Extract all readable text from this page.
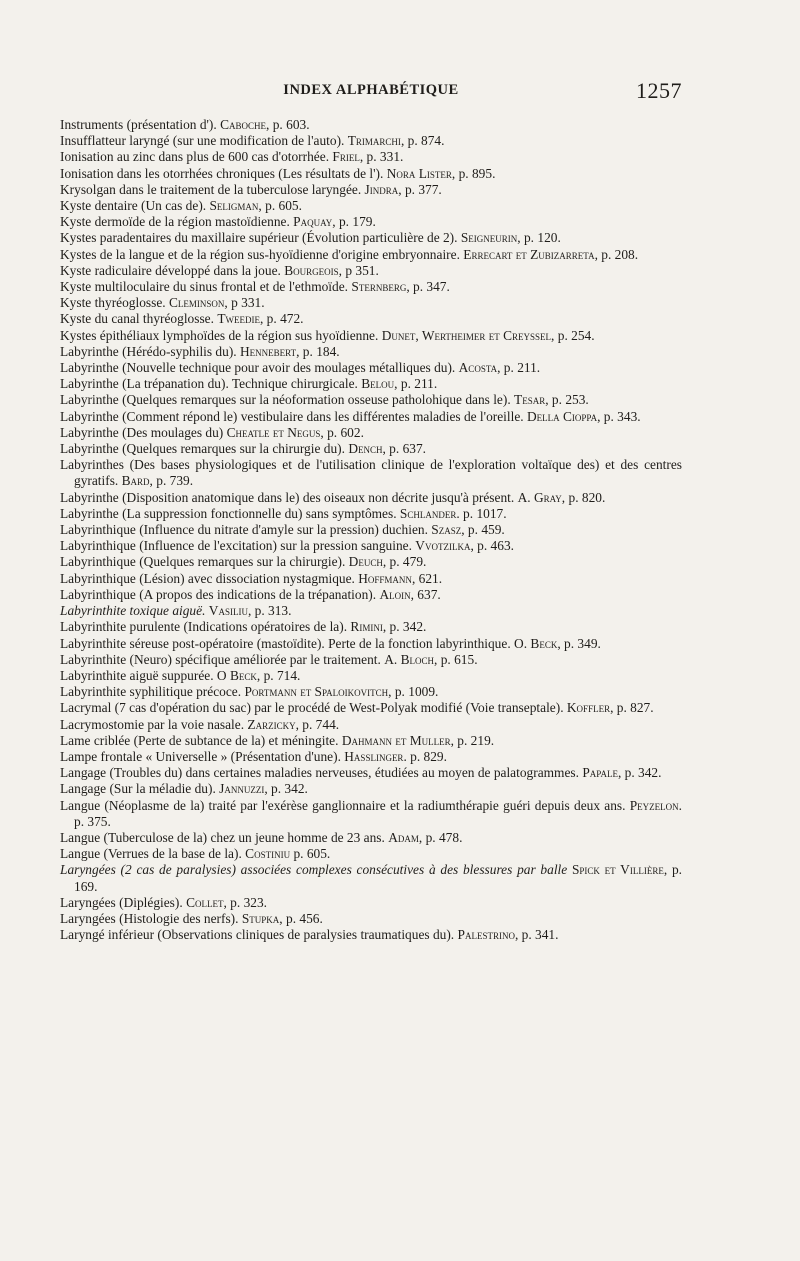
INDEX ALPHABÉTIQUE	1257
Instruments (présentation d'). Caboche, p. 603.
Insufflatteur laryngé (sur une modification de l'auto). Trimarchi, p. 874.
Ionisation au zinc dans plus de 600 cas d'otorrhée. Friel, p. 331.
Ionisation dans les otorrhées chroniques (Les résultats de l'). Nora Lister, p. 895.
Krysolgan dans le traitement de la tuberculose laryngée. Jindra, p. 377.
Kyste dentaire (Un cas de). Seligman, p. 605.
Kyste dermoïde de la région mastoïdienne. Paquay, p. 179.
Kystes paradentaires du maxillaire supérieur (Évolution particulière de 2). Seigneurin, p. 120.
Kystes de la langue et de la région sus-hyoïdienne d'origine embryonnaire. Errecart et Zubizarreta, p. 208.
Kyste radiculaire développé dans la joue. Bourgeois, p 351.
Kyste multiloculaire du sinus frontal et de l'ethmoïde. Sternberg, p. 347.
Kyste thyréoglosse. Cleminson, p 331.
Kyste du canal thyréoglosse. Tweedie, p. 472.
Kystes épithéliaux lymphoïdes de la région sus hyoïdienne. Dunet, Wertheimer et Creyssel, p. 254.
Labyrinthe (Hérédo-syphilis du). Hennebert, p. 184.
Labyrinthe (Nouvelle technique pour avoir des moulages métalliques du). Acosta, p. 211.
Labyrinthe (La trépanation du). Technique chirurgicale. Belou, p. 211.
Labyrinthe (Quelques remarques sur la néoformation osseuse patholohique dans le). Tesar, p. 253.
Labyrinthe (Comment répond le) vestibulaire dans les différentes maladies de l'oreille. Della Cioppa, p. 343.
Labyrinthe (Des moulages du) Cheatle et Negus, p. 602.
Labyrinthe (Quelques remarques sur la chirurgie du). Dench, p. 637.
Labyrinthes (Des bases physiologiques et de l'utilisation clinique de l'exploration voltaïque des) et des centres gyratifs. Bard, p. 739.
Labyrinthe (Disposition anatomique dans le) des oiseaux non décrite jusqu'à présent. A. Gray, p. 820.
Labyrinthe (La suppression fonctionnelle du) sans symptômes. Schlander. p. 1017.
Labyrinthique (Influence du nitrate d'amyle sur la pression) duchien. Szasz, p. 459.
Labyrinthique (Influence de l'excitation) sur la pression sanguine. Vvotzilka, p. 463.
Labyrinthique (Quelques remarques sur la chirurgie). Deuch, p. 479.
Labyrinthique (Lésion) avec dissociation nystagmique. Hoffmann, 621.
Labyrinthique (A propos des indications de la trépanation). Aloin, 637.
Labyrinthite toxique aiguë. Vasiliu, p. 313.
Labyrinthite purulente (Indications opératoires de la). Rimini, p. 342.
Labyrinthite séreuse post-opératoire (mastoïdite). Perte de la fonction labyrinthique. O. Beck, p. 349.
Labyrinthite (Neuro) spécifique améliorée par le traitement. A. Bloch, p. 615.
Labyrinthite aiguë suppurée. O Beck, p. 714.
Labyrinthite syphilitique précoce. Portmann et Spaloikovitch, p. 1009.
Lacrymal (7 cas d'opération du sac) par le procédé de West-Polyak modifié (Voie transeptale). Koffler, p. 827.
Lacrymostomie par la voie nasale. Zarzicky, p. 744.
Lame criblée (Perte de subtance de la) et méningite. Dahmann et Muller, p. 219.
Lampe frontale « Universelle » (Présentation d'une). Hasslinger. p. 829.
Langage (Troubles du) dans certaines maladies nerveuses, étudiées au moyen de palatogrammes. Papale, p. 342.
Langage (Sur la méladie du). Jannuzzi, p. 342.
Langue (Néoplasme de la) traité par l'exérèse ganglionnaire et la radiumthérapie guéri depuis deux ans. Peyzelon. p. 375.
Langue (Tuberculose de la) chez un jeune homme de 23 ans. Adam, p. 478.
Langue (Verrues de la base de la). Costiniu p. 605.
Laryngées (2 cas de paralysies) associées complexes consécutives à des blessures par balle Spick et Villière, p. 169.
Laryngées (Diplégies). Collet, p. 323.
Laryngées (Histologie des nerfs). Stupka, p. 456.
Laryngé inférieur (Observations cliniques de paralysies traumatiques du). Palestrino, p. 341.
